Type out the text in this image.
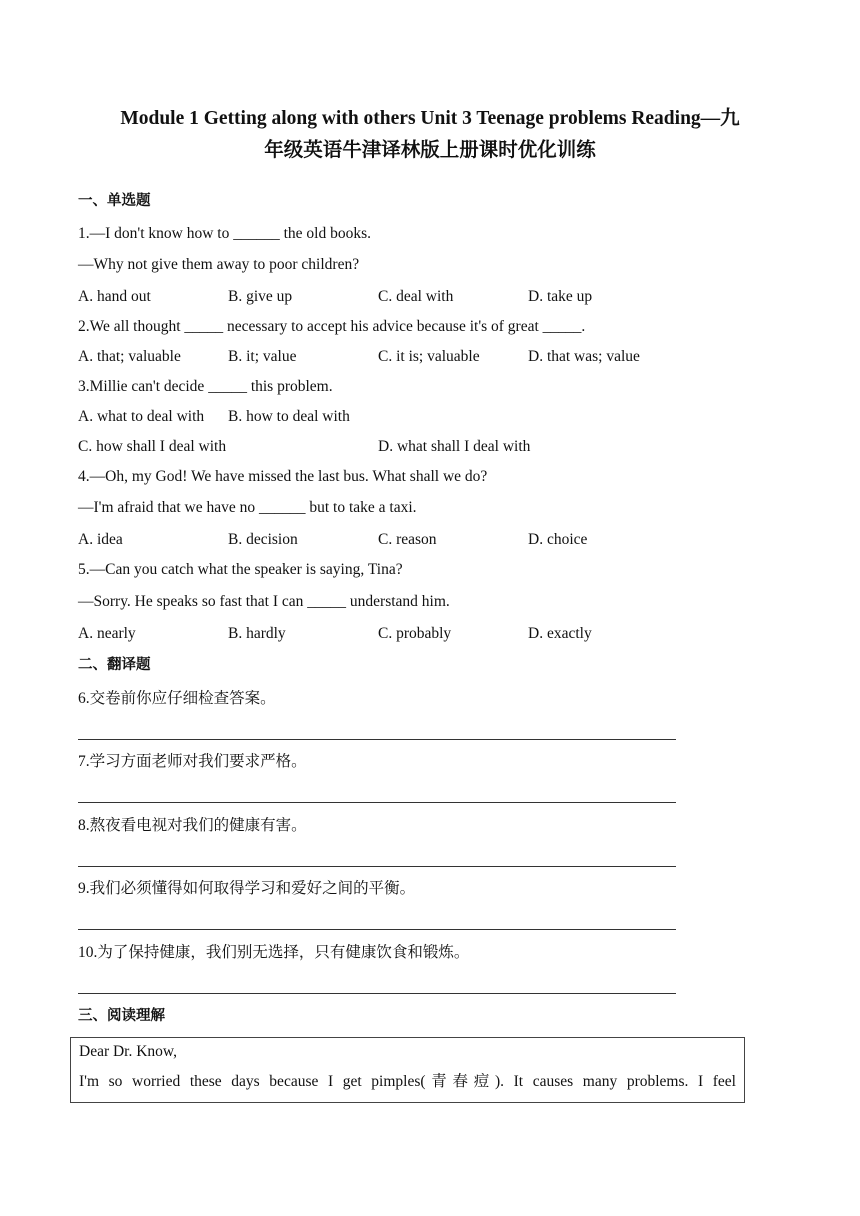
Module 1 Getting along with others Unit 3 Teenage problems Reading—九
年级英语牛津译林版上册课时优化训练
一、单选题
1.—I don't know how to ______ the old books.
—Why not give them away to poor children?
A. hand out	B. give up	C. deal with	D. take up
2.We all thought _____ necessary to accept his advice because it's of great _____.
A. that; valuable	B. it; value	C. it is; valuable	D. that was; value
3.Millie can't decide _____ this problem.
A. what to deal with B. how to deal with
C. how shall I deal with	D. what shall I deal with
4.—Oh, my God! We have missed the last bus. What shall we do?
—I'm afraid that we have no ______ but to take a taxi.
A. idea	B. decision	C. reason	D. choice
5.—Can you catch what the speaker is saying, Tina?
—Sorry. He speaks so fast that I can _____ understand him.
A. nearly	B. hardly	C. probably	D. exactly
二、翻译题
6.交卷前你应仔细检查答案。
7.学习方面老师对我们要求严格。
8.熬夜看电视对我们的健康有害。
9.我们必须懂得如何取得学习和爱好之间的平衡。
10.为了保持健康，我们别无选择，只有健康饮食和锻炼。
三、阅读理解
Dear Dr. Know,
I'm so worried these days because I get pimples(青春痘). It causes many problems. I feel
